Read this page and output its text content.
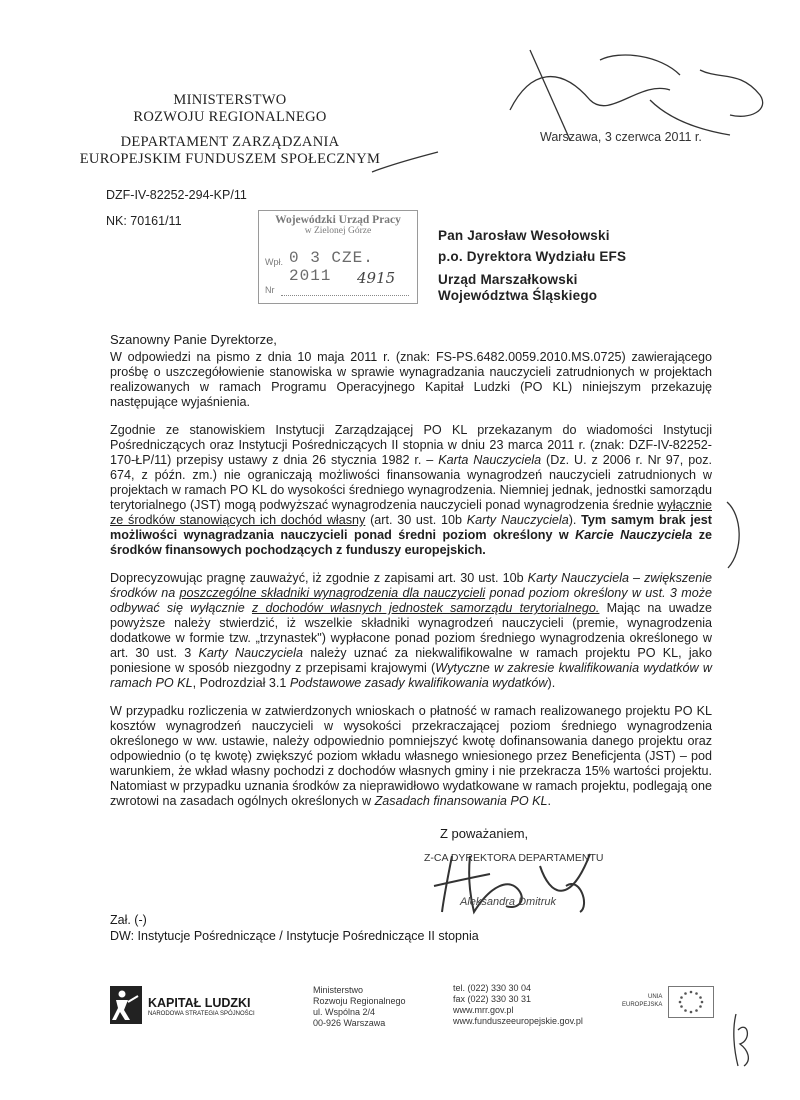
MINISTERSTWO
ROZWOJU REGIONALNEGO
DEPARTAMENT ZARZĄDZANIA
EUROPEJSKIM FUNDUSZEM SPOŁECZNYM
Warszawa, 3 czerwca 2011 r.
DZF-IV-82252-294-KP/11
NK: 70161/11	Wojewódzki Urząd Pracy
w Zielonej Górze
Wpł. 0 3 CZE. 2011
Nr
4915
Pan Jarosław Wesołowski
p.o. Dyrektora Wydziału EFS
Urząd Marszałkowski
Województwa Śląskiego
Szanowny Panie Dyrektorze,

W odpowiedzi na pismo z dnia 10 maja 2011 r. (znak: FS-PS.6482.0059.2010.MS.0725) zawierającego prośbę o uszczegółowienie stanowiska w sprawie wynagradzania nauczycieli zatrudnionych w projektach realizowanych w ramach Programu Operacyjnego Kapitał Ludzki (PO KL) niniejszym przekazuję następujące wyjaśnienia.

Zgodnie ze stanowiskiem Instytucji Zarządzającej PO KL przekazanym do wiadomości Instytucji Pośredniczących oraz Instytucji Pośredniczących II stopnia w dniu 23 marca 2011 r. (znak: DZF-IV-82252-170-ŁP/11) przepisy ustawy z dnia 26 stycznia 1982 r. – Karta Nauczyciela (Dz. U. z 2006 r. Nr 97, poz. 674, z późn. zm.) nie ograniczają możliwości finansowania wynagrodzeń nauczycieli zatrudnionych w projektach w ramach PO KL do wysokości średniego wynagrodzenia. Niemniej jednak, jednostki samorządu terytorialnego (JST) mogą podwyższać wynagrodzenia nauczycieli ponad wynagrodzenia średnie wyłącznie ze środków stanowiących ich dochód własny (art. 30 ust. 10b Karty Nauczyciela). Tym samym brak jest możliwości wynagradzania nauczycieli ponad średni poziom określony w Karcie Nauczyciela ze środków finansowych pochodzących z funduszy europejskich.

Doprecyzowując pragnę zauważyć, iż zgodnie z zapisami art. 30 ust. 10b Karty Nauczyciela – zwiększenie środków na poszczególne składniki wynagrodzenia dla nauczycieli ponad poziom określony w ust. 3 może odbywać się wyłącznie z dochodów własnych jednostek samorządu terytorialnego. Mając na uwadze powyższe należy stwierdzić, iż wszelkie składniki wynagrodzeń nauczycieli (premie, wynagrodzenia dodatkowe w formie tzw. „trzynastek") wypłacone ponad poziom średniego wynagrodzenia określonego w art. 30 ust. 3 Karty Nauczyciela należy uznać za niekwalifikowalne w ramach projektu PO KL, jako poniesione w sposób niezgodny z przepisami krajowymi (Wytyczne w zakresie kwalifikowania wydatków w ramach PO KL, Podrozdział 3.1 Podstawowe zasady kwalifikowania wydatków).

W przypadku rozliczenia w zatwierdzonych wnioskach o płatność w ramach realizowanego projektu PO KL kosztów wynagrodzeń nauczycieli w wysokości przekraczającej poziom średniego wynagrodzenia określonego w ww. ustawie, należy odpowiednio pomniejszyć kwotę dofinansowania danego projektu oraz odpowiednio (o tę kwotę) zwiększyć poziom wkładu własnego wniesionego przez Beneficjenta (JST) – pod warunkiem, że wkład własny pochodzi z dochodów własnych gminy i nie przekracza 15% wartości projektu. Natomiast w przypadku uznania środków za nieprawidłowo wydatkowane w ramach projektu, podlegają one zwrotowi na zasadach ogólnych określonych w Zasadach finansowania PO KL.

Z poważaniem,
Z-CA DYREKTORA DEPARTAMENTU
Aleksandra Dmitruk
Zał. (-)
DW: Instytucje Pośredniczące / Instytucje Pośredniczące II stopnia
KAPITAŁ LUDZKI
NARODOWA STRATEGIA SPÓJNOŚCI
Ministerstwo
Rozwoju Regionalnego
ul. Wspólna 2/4
00-926 Warszawa
tel. (022) 330 30 04
fax (022) 330 30 31
www.mrr.gov.pl
www.funduszeeuropejskie.gov.pl
UNIA
EUROPEJSKA
